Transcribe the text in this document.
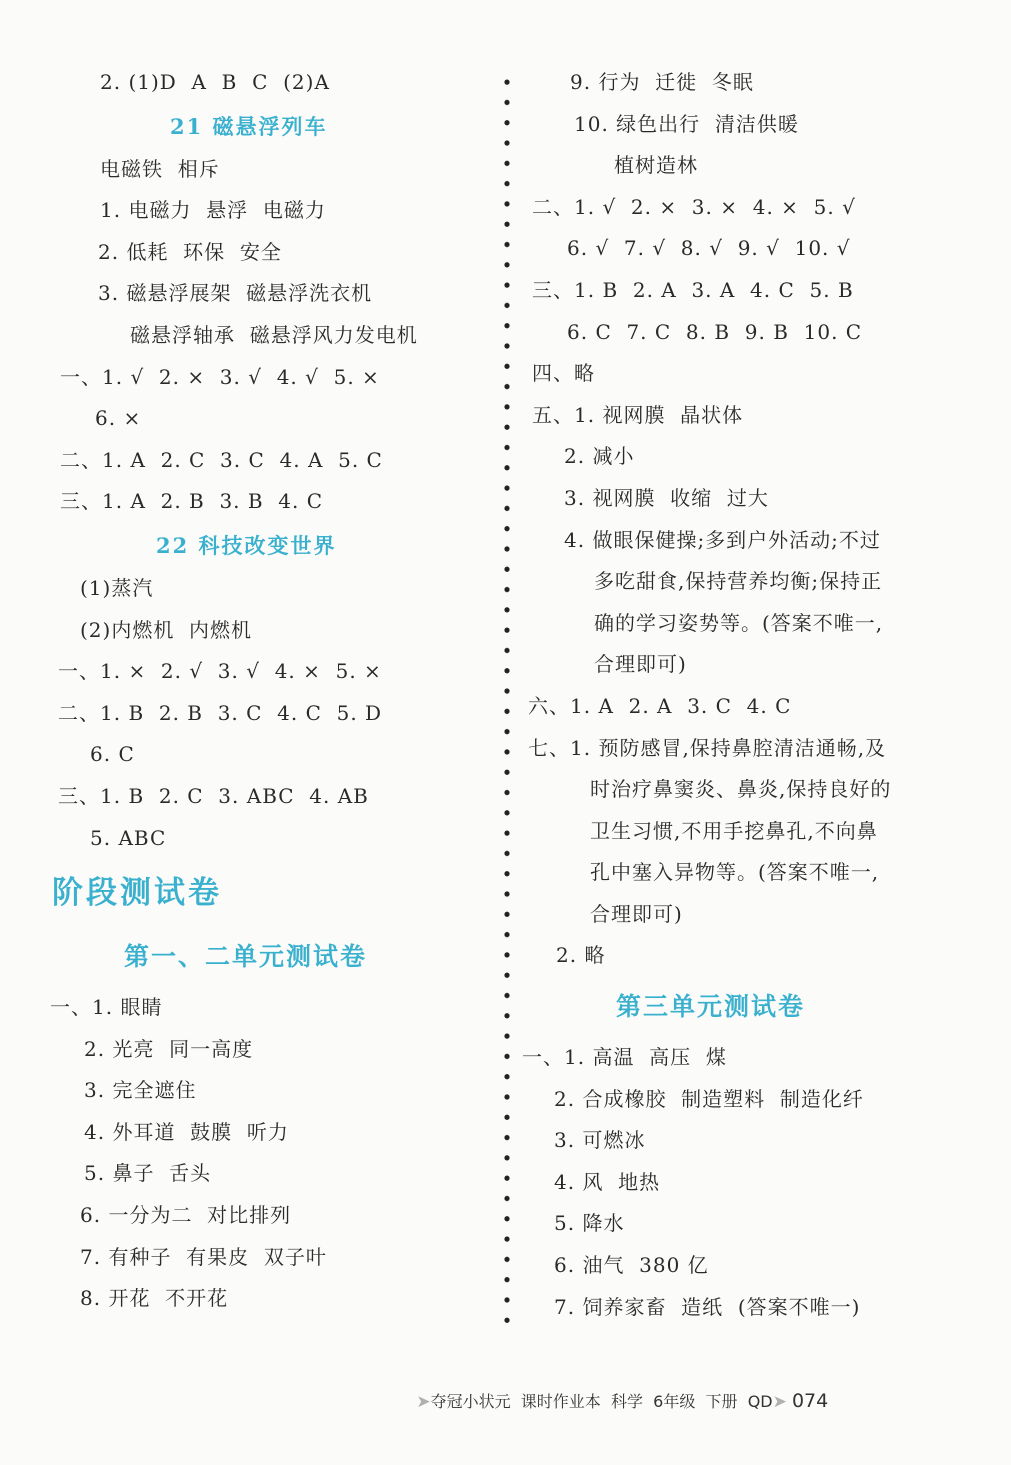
2. (1)D  A  B  C  (2)A
21 磁悬浮列车
电磁铁  相斥
1. 电磁力  悬浮  电磁力
2. 低耗  环保  安全
3. 磁悬浮展架  磁悬浮洗衣机
磁悬浮轴承  磁悬浮风力发电机
一、1. √  2. ×  3. √  4. √  5. ×
6. ×
二、1. A  2. C  3. C  4. A  5. C
三、1. A  2. B  3. B  4. C
22 科技改变世界
(1)蒸汽
(2)内燃机  内燃机
一、1. ×  2. √  3. √  4. ×  5. ×
二、1. B  2. B  3. C  4. C  5. D
6. C
三、1. B  2. C  3. ABC  4. AB
5. ABC
阶段测试卷
第一、二单元测试卷
一、1. 眼睛
2. 光亮  同一高度
3. 完全遮住
4. 外耳道  鼓膜  听力
5. 鼻子  舌头
6. 一分为二  对比排列
7. 有种子  有果皮  双子叶
8. 开花  不开花
9. 行为  迁徙  冬眠
10. 绿色出行  清洁供暖
植树造林
二、1. √  2. ×  3. ×  4. ×  5. √
6. √  7. √  8. √  9. √  10. √
三、1. B  2. A  3. A  4. C  5. B
6. C  7. C  8. B  9. B  10. C
四、略
五、1. 视网膜  晶状体
2. 减小
3. 视网膜  收缩  过大
4. 做眼保健操;多到户外活动;不过
多吃甜食,保持营养均衡;保持正
确的学习姿势等。(答案不唯一,
合理即可)
六、1. A  2. A  3. C  4. C
七、1. 预防感冒,保持鼻腔清洁通畅,及
时治疗鼻窦炎、鼻炎,保持良好的
卫生习惯,不用手挖鼻孔,不向鼻
孔中塞入异物等。(答案不唯一,
合理即可)
2. 略
第三单元测试卷
一、1. 高温  高压  煤
2. 合成橡胶  制造塑料  制造化纤
3. 可燃冰
4. 风  地热
5. 降水
6. 油气  380 亿
7. 饲养家畜  造纸  (答案不唯一)

➤夺冠小状元 课时作业本 科学 6年级 下册 QD➤ 074
